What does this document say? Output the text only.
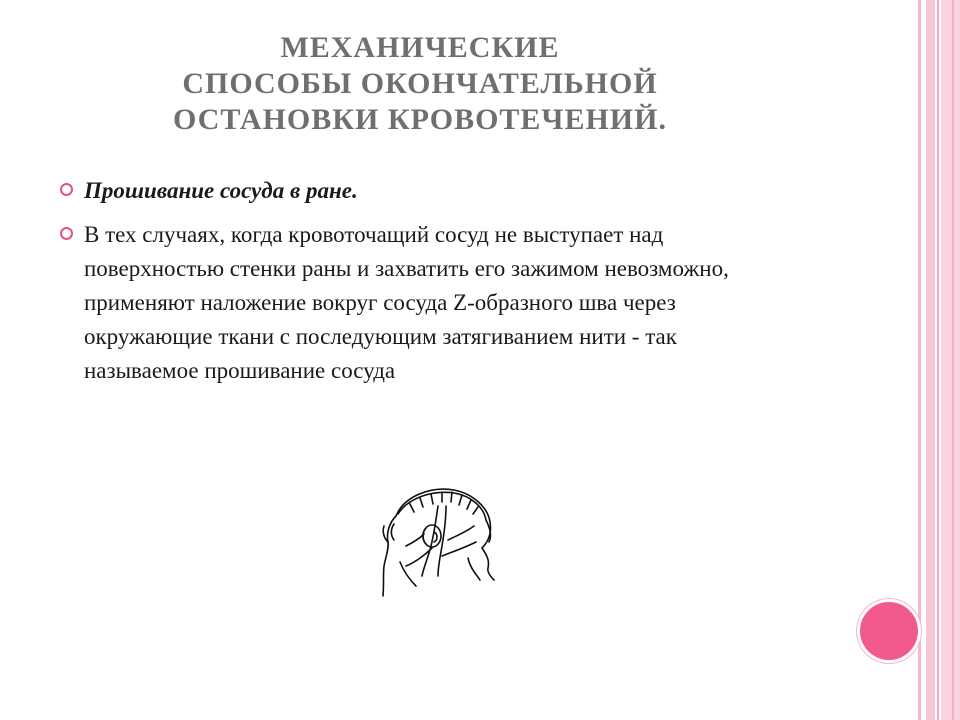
МЕХАНИЧЕСКИЕ
СПОСОБЫ ОКОНЧАТЕЛЬНОЙ
ОСТАНОВКИ КРОВОТЕЧЕНИЙ.
Прошивание сосуда в ране.
В тех случаях, когда кровоточащий сосуд не выступает над поверхностью стенки раны и захватить его зажимом невозможно, применяют наложение вокруг сосуда Z-образного шва через окружающие ткани с последующим затягиванием нити - так называемое прошивание сосуда
